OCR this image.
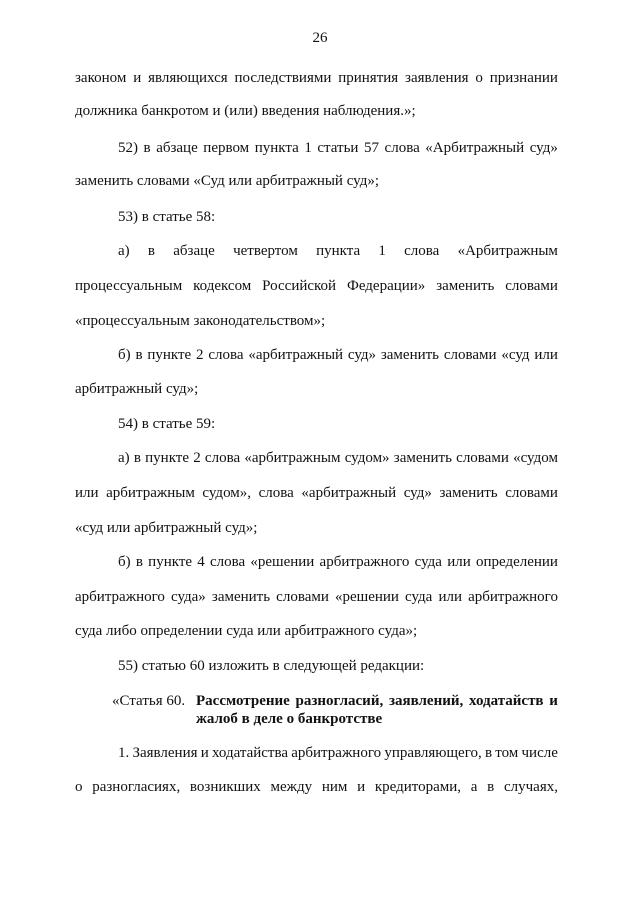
26
законом и являющихся последствиями принятия заявления о признании
должника банкротом и (или) введения наблюдения.»;
52) в абзаце первом пункта 1 статьи 57 слова «Арбитражный суд»
заменить словами «Суд или арбитражный суд»;
53) в статье 58:
а) в абзаце четвертом пункта 1 слова «Арбитражным
процессуальным кодексом Российской Федерации» заменить словами
«процессуальным законодательством»;
б) в пункте 2 слова «арбитражный суд» заменить словами «суд или
арбитражный суд»;
54) в статье 59:
а) в пункте 2 слова «арбитражным судом» заменить словами «судом
или арбитражным судом», слова «арбитражный суд» заменить словами
«суд или арбитражный суд»;
б) в пункте 4 слова «решении арбитражного суда или определении
арбитражного суда» заменить словами «решении суда или арбитражного
суда либо определении суда или арбитражного суда»;
55) статью 60 изложить в следующей редакции:
«Статья 60. Рассмотрение разногласий, заявлений, ходатайств и
жалоб в деле о банкротстве
1. Заявления и ходатайства арбитражного управляющего, в том числе
о разногласиях, возникших между ним и кредиторами, а в случаях,
